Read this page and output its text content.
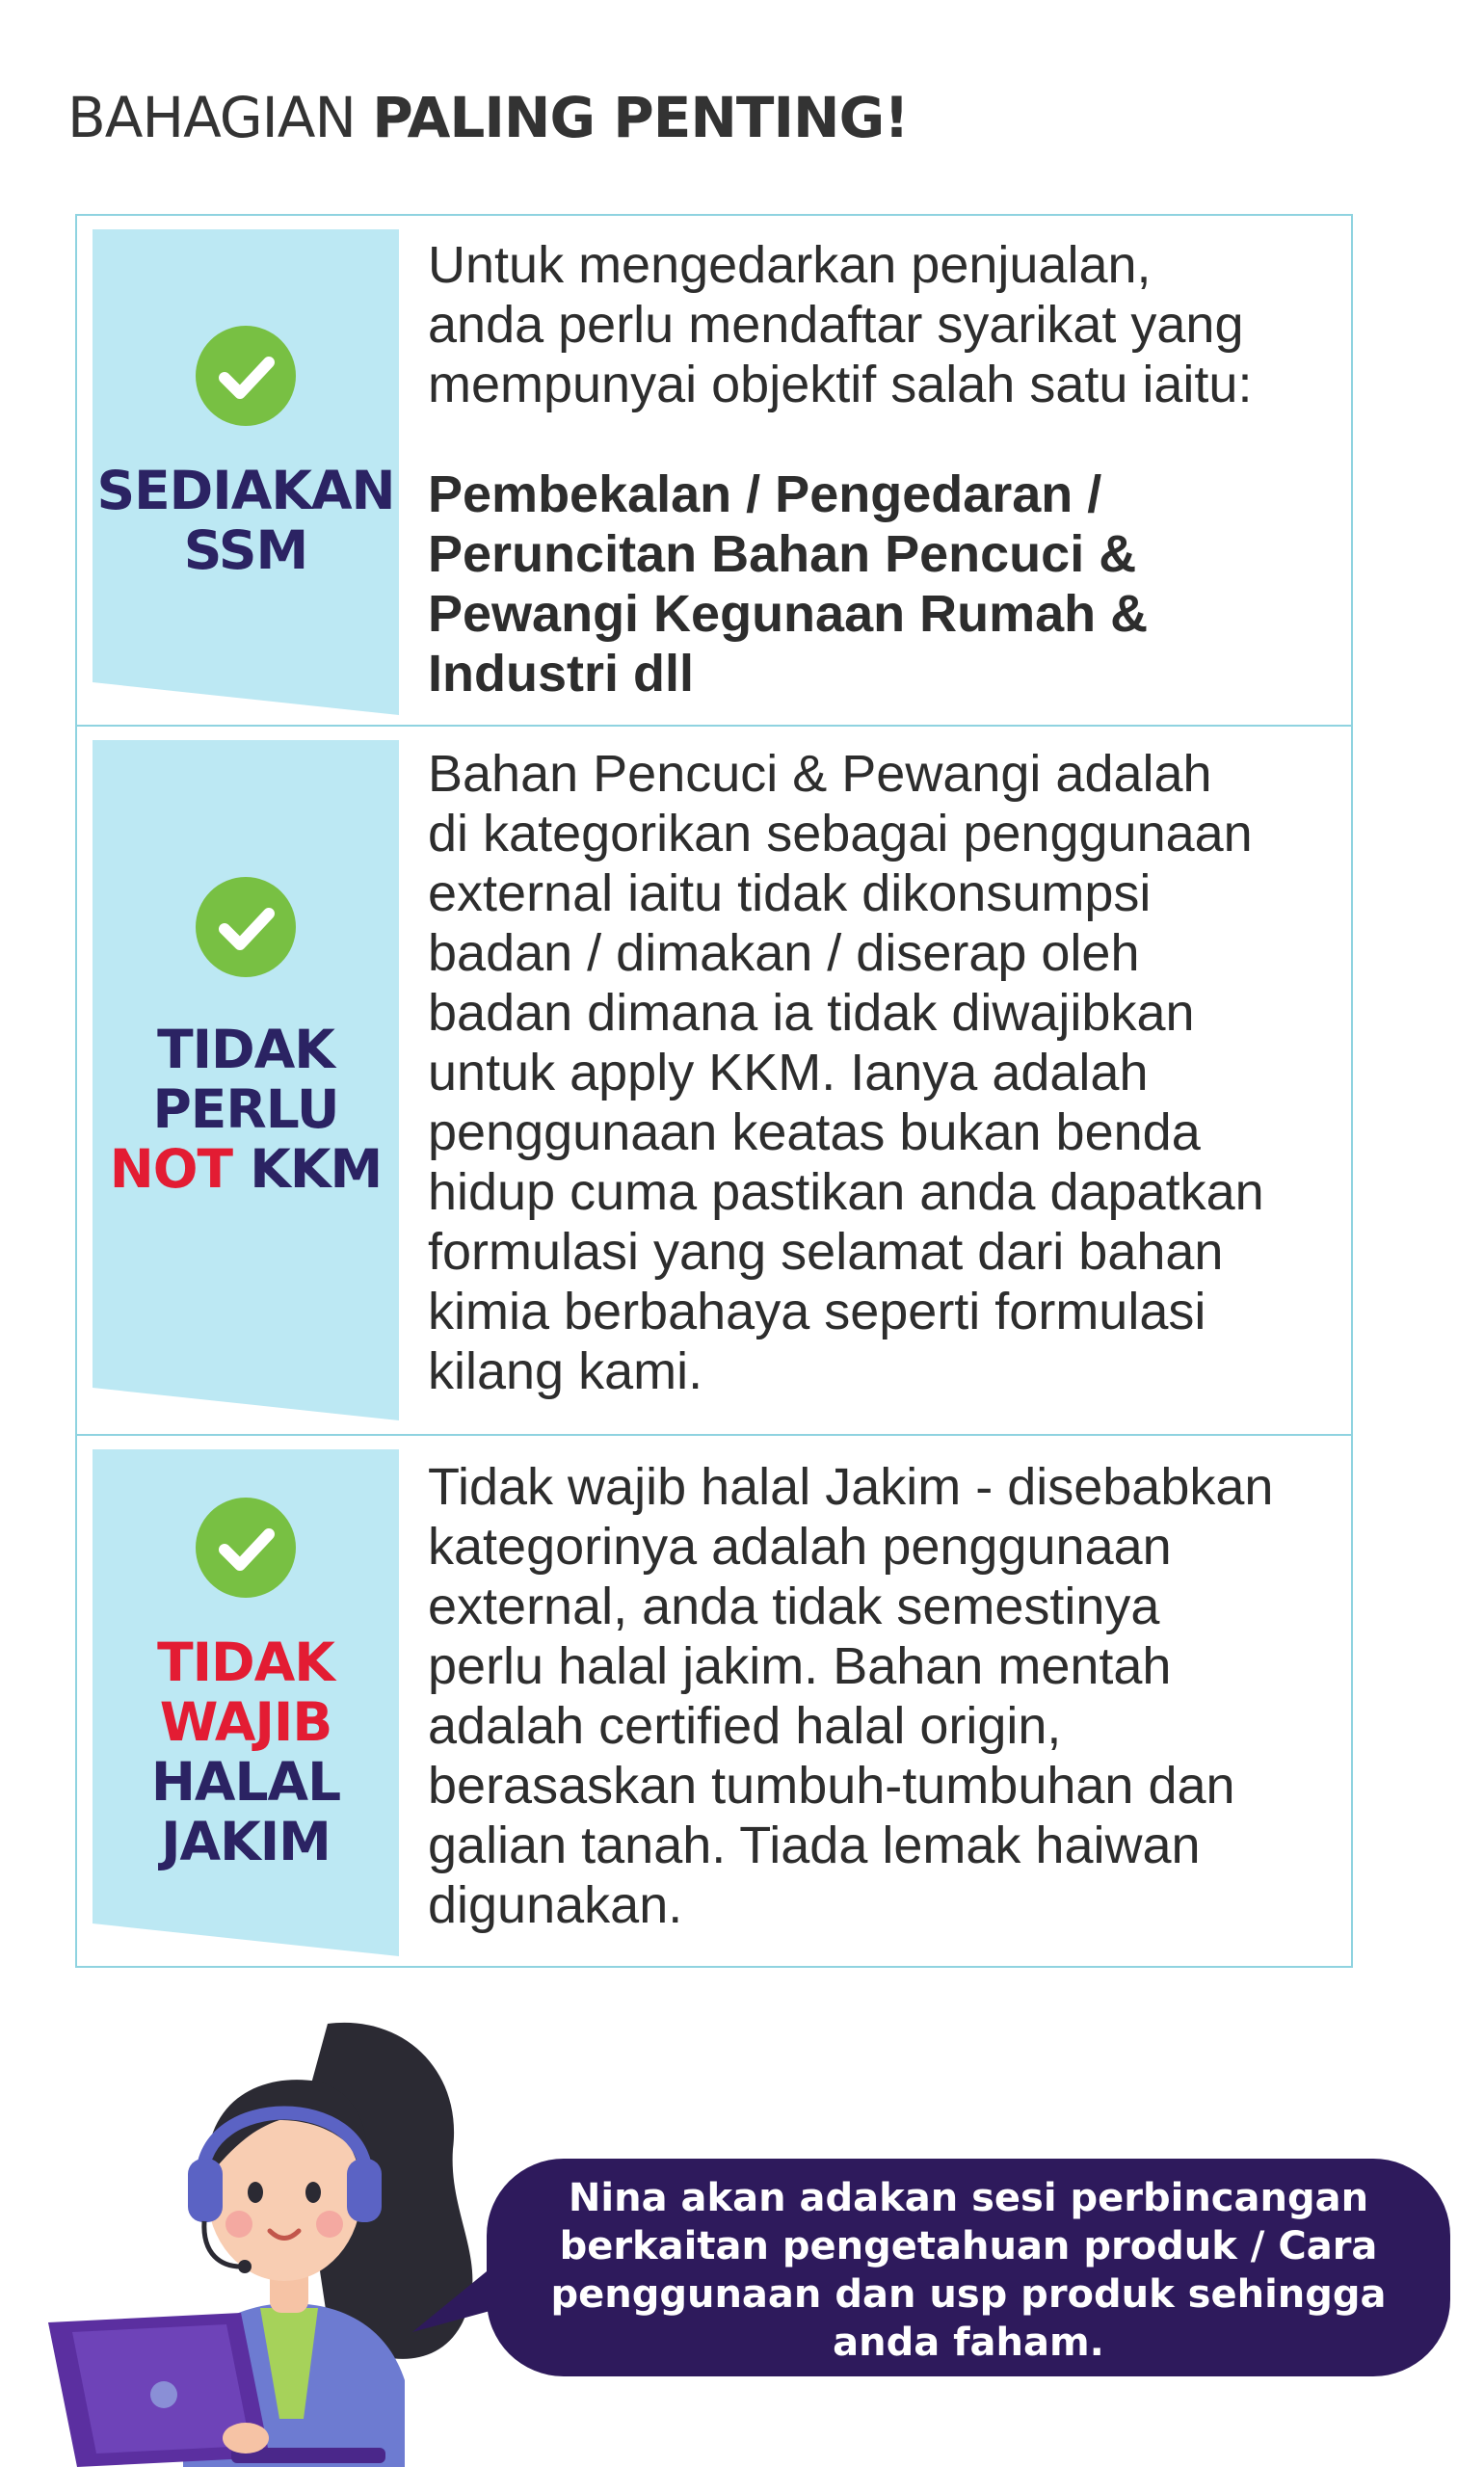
BAHAGIAN PALING PENTING!
SEDIAKAN
SSM
Untuk mengedarkan penjualan,
anda perlu mendaftar syarikat yang
mempunyai objektif salah satu iaitu:
Pembekalan / Pengedaran /
Peruncitan Bahan Pencuci &
Pewangi Kegunaan Rumah &
Industri dll
TIDAK
PERLU
NOT KKM
Bahan Pencuci & Pewangi adalah
di kategorikan sebagai penggunaan
external iaitu tidak dikonsumpsi
badan / dimakan / diserap oleh
badan dimana ia tidak diwajibkan
untuk apply KKM. Ianya adalah
penggunaan keatas bukan benda
hidup cuma pastikan anda dapatkan
formulasi yang selamat dari bahan
kimia berbahaya seperti formulasi
kilang kami.
TIDAK
WAJIB
HALAL
JAKIM
Tidak wajib halal Jakim - disebabkan
kategorinya adalah penggunaan
external, anda tidak semestinya
perlu halal jakim. Bahan mentah
adalah certified halal origin,
berasaskan tumbuh-tumbuhan dan
galian tanah. Tiada lemak haiwan
digunakan.
Nina akan adakan sesi perbincangan
berkaitan pengetahuan produk / Cara
penggunaan dan usp produk sehingga
anda faham.
